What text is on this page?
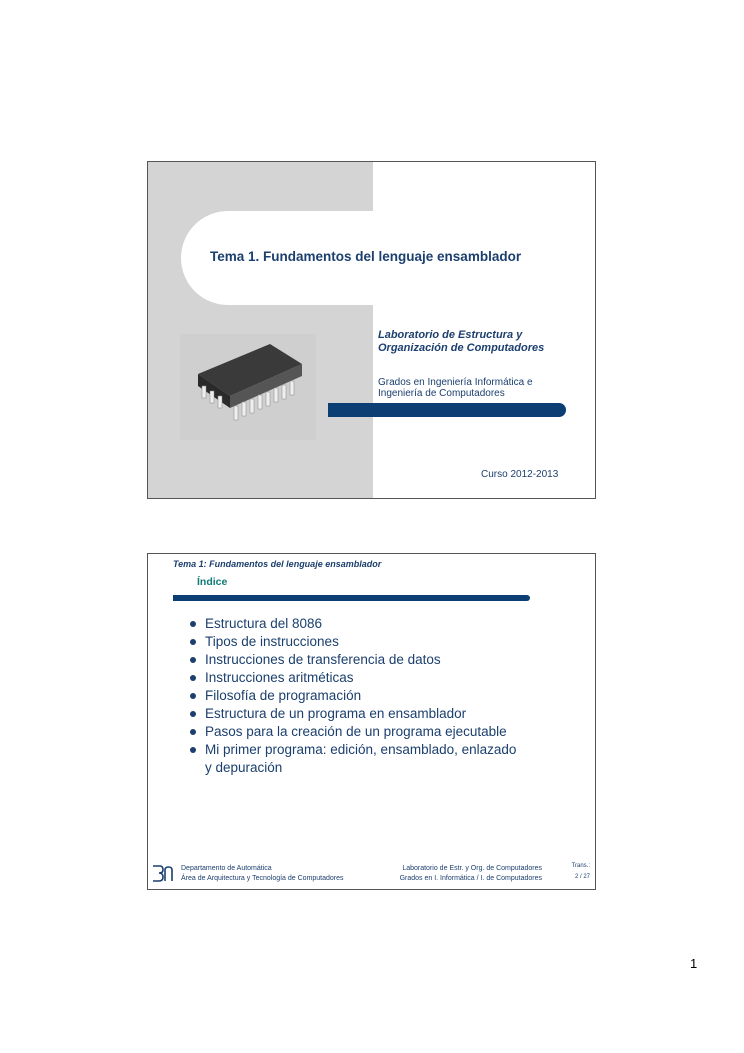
Tema 1. Fundamentos del lenguaje ensamblador
Laboratorio de Estructura y
Organización de Computadores
Grados en Ingeniería Informática e
Ingeniería de Computadores
Curso 2012-2013
Tema 1: Fundamentos del lenguaje ensamblador
Índice
Estructura del 8086
Tipos de instrucciones
Instrucciones de transferencia de datos
Instrucciones aritméticas
Filosofía de programación
Estructura de un programa en ensamblador
Pasos para la creación de un programa ejecutable
Mi primer programa: edición, ensamblado, enlazado
y depuración
Departamento de Automática
Área de Arquitectura y Tecnología de Computadores
Laboratorio de Estr. y Org. de Computadores
Grados en I. Informática / I. de Computadores
Trans.:
2 / 27
1
